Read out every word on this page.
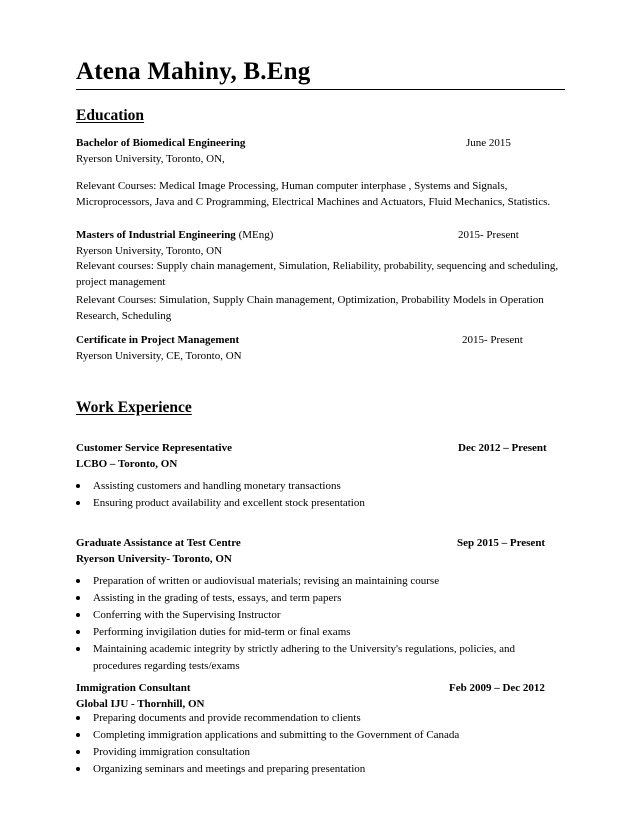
Atena Mahiny, B.Eng
Education
Bachelor of Biomedical Engineering	June 2015
Ryerson University, Toronto, ON,

Relevant Courses: Medical Image Processing, Human computer interphase , Systems and Signals, Microprocessors, Java and C Programming, Electrical Machines and Actuators, Fluid Mechanics, Statistics.

Masters of Industrial Engineering (MEng)	2015- Present
Ryerson University, Toronto, ON

Relevant courses: Supply chain management, Simulation, Reliability, probability, sequencing and scheduling, project management

Relevant Courses: Simulation, Supply Chain management, Optimization, Probability Models in Operation Research, Scheduling

Certificate in Project Management	2015- Present
Ryerson University, CE, Toronto, ON
Work Experience
Customer Service Representative	Dec 2012 – Present
LCBO – Toronto, ON
Assisting customers and handling monetary transactions
Ensuring product availability and excellent stock presentation
Graduate Assistance at Test Centre	Sep 2015 – Present
Ryerson University- Toronto, ON
Preparation of written or audiovisual materials; revising an maintaining course
Assisting in the grading of tests, essays, and term papers
Conferring with the Supervising Instructor
Performing invigilation duties for mid-term or final exams
Maintaining academic integrity by strictly adhering to the University's regulations, policies, and procedures regarding tests/exams
Immigration Consultant	Feb 2009 – Dec 2012
Global IJU - Thornhill, ON
Preparing documents and provide recommendation to clients
Completing immigration applications and submitting to the Government of Canada
Providing immigration consultation
Organizing seminars and meetings and preparing presentation
